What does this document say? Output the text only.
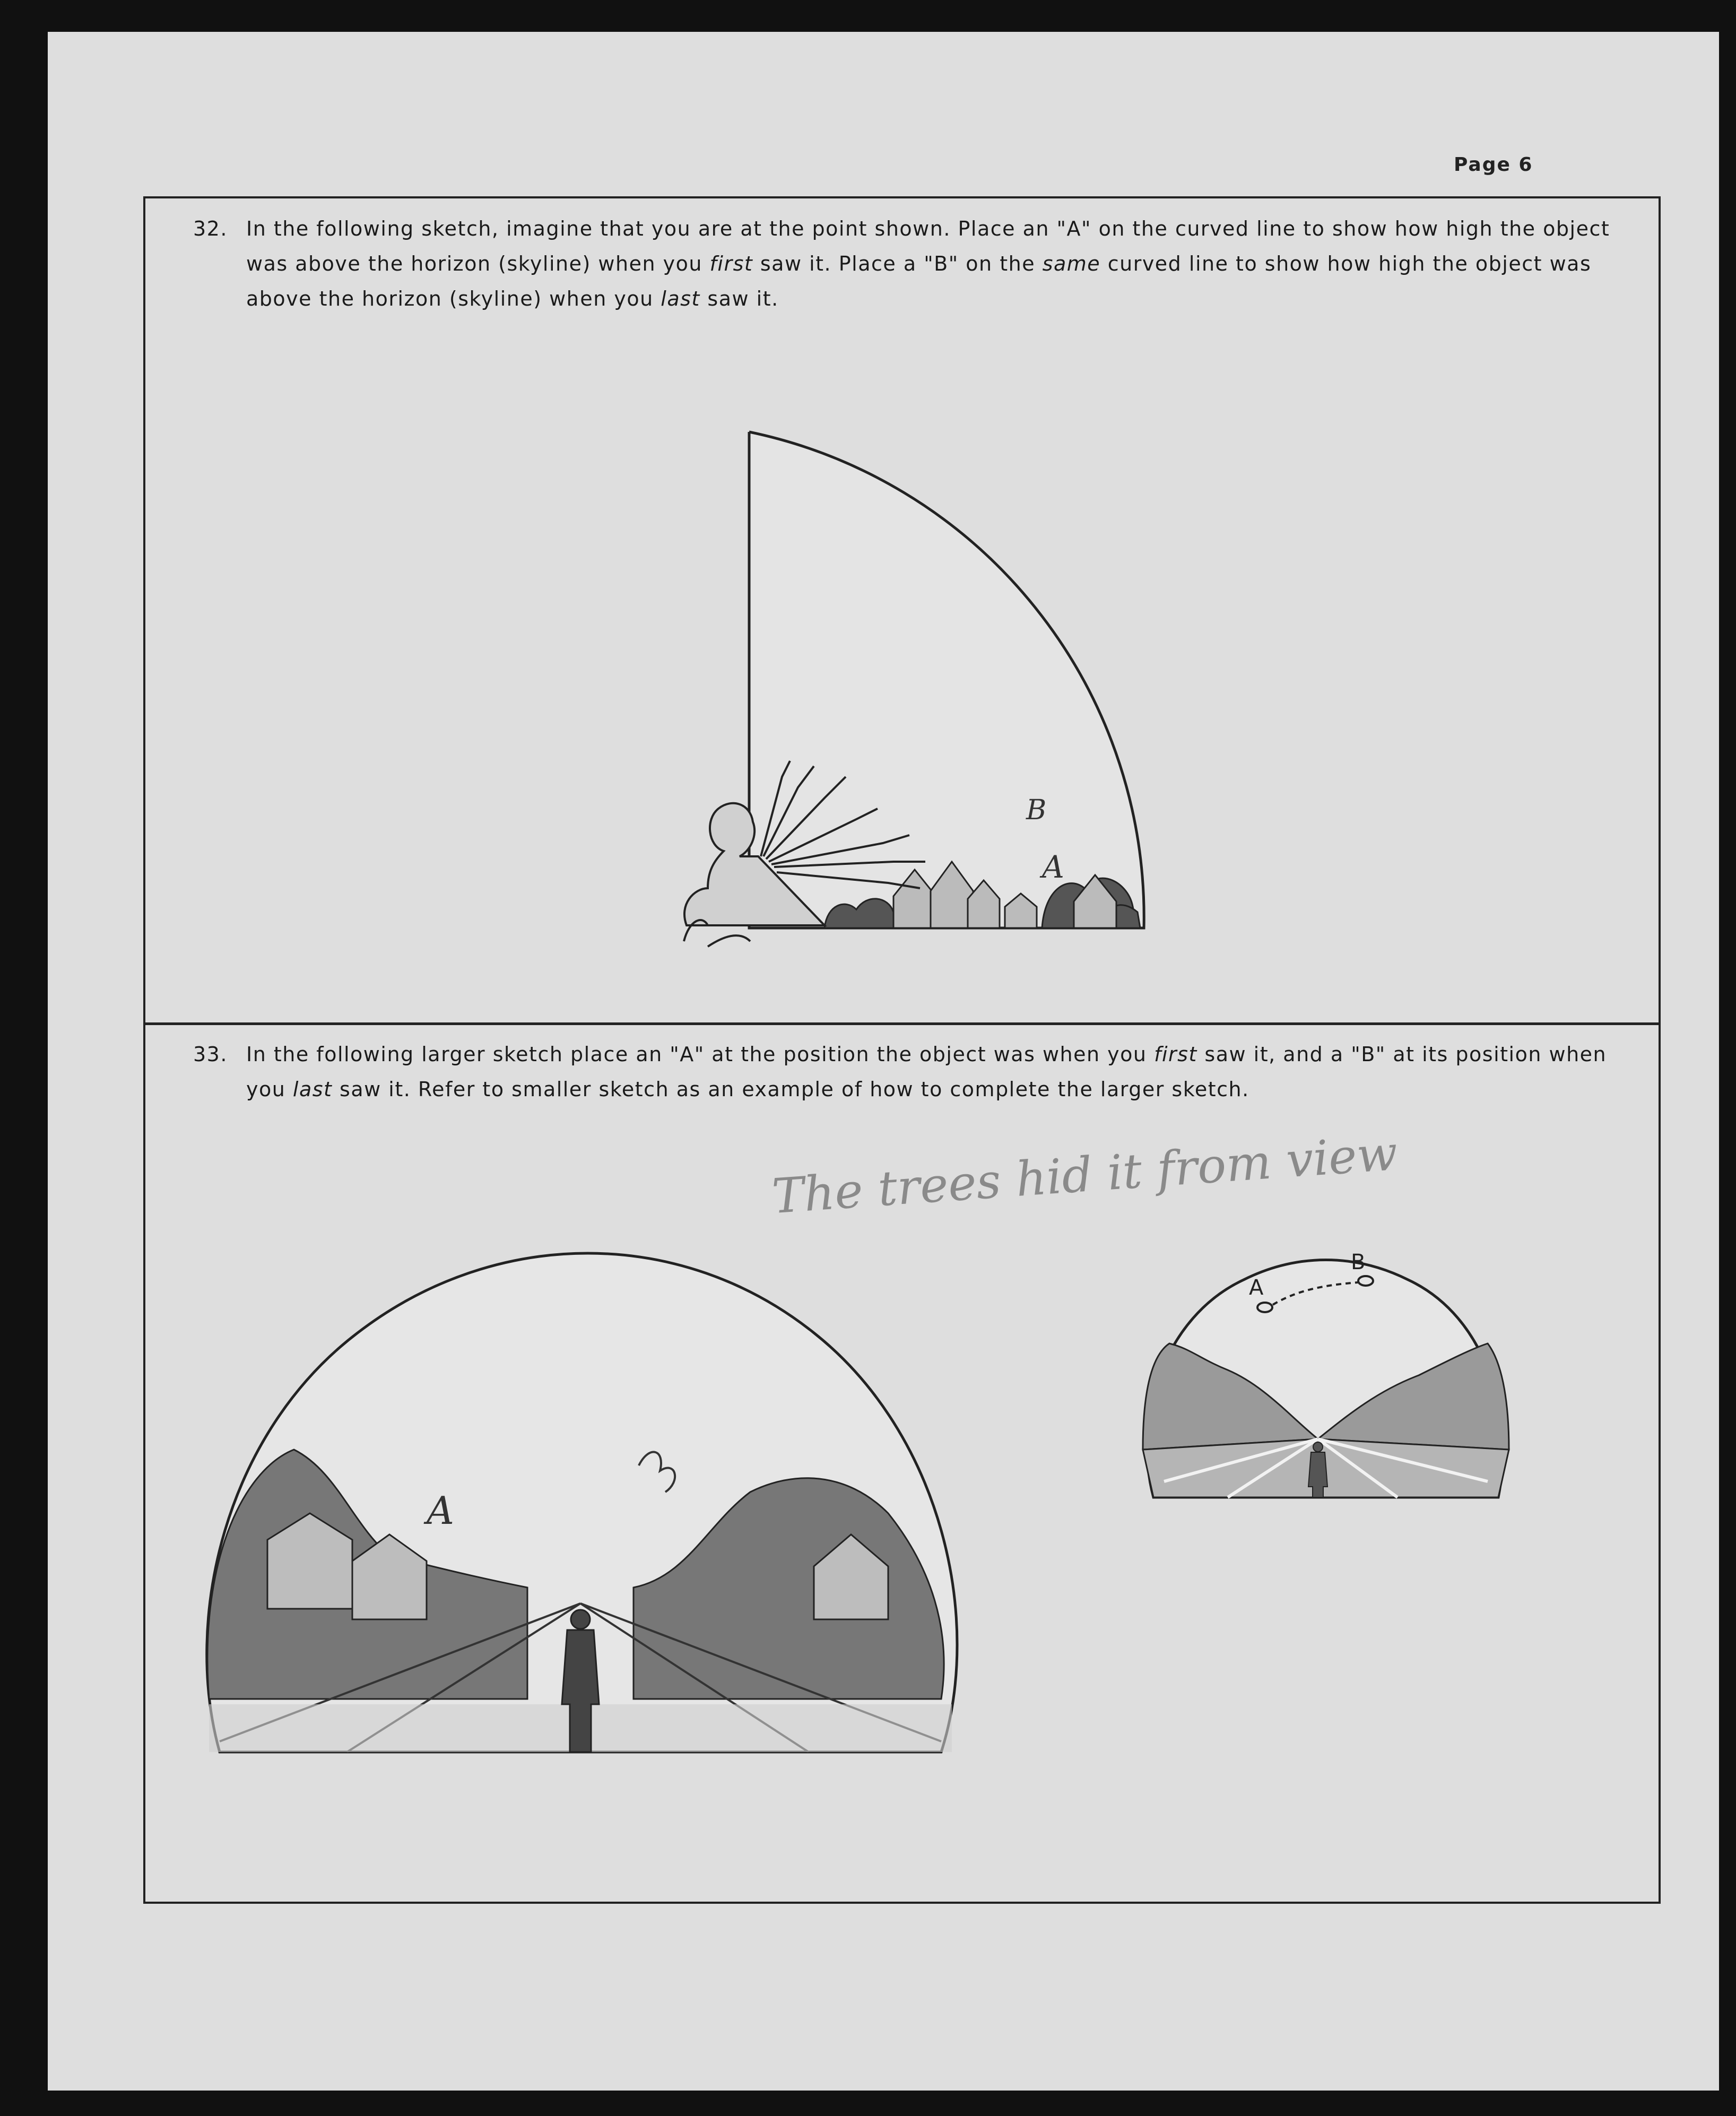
Page 6
32. In the following sketch, imagine that you are at the point shown. Place an "A" on the curved line to show how high the object was above the horizon (skyline) when you first saw it. Place a "B" on the same curved line to show how high the object was above the horizon (skyline) when you last saw it.
A
B
33. In the following larger sketch place an "A" at the position the object was when you first saw it, and a "B" at its position when you last saw it. Refer to smaller sketch as an example of how to complete the larger sketch.
The trees hid it from view
A
A
B
